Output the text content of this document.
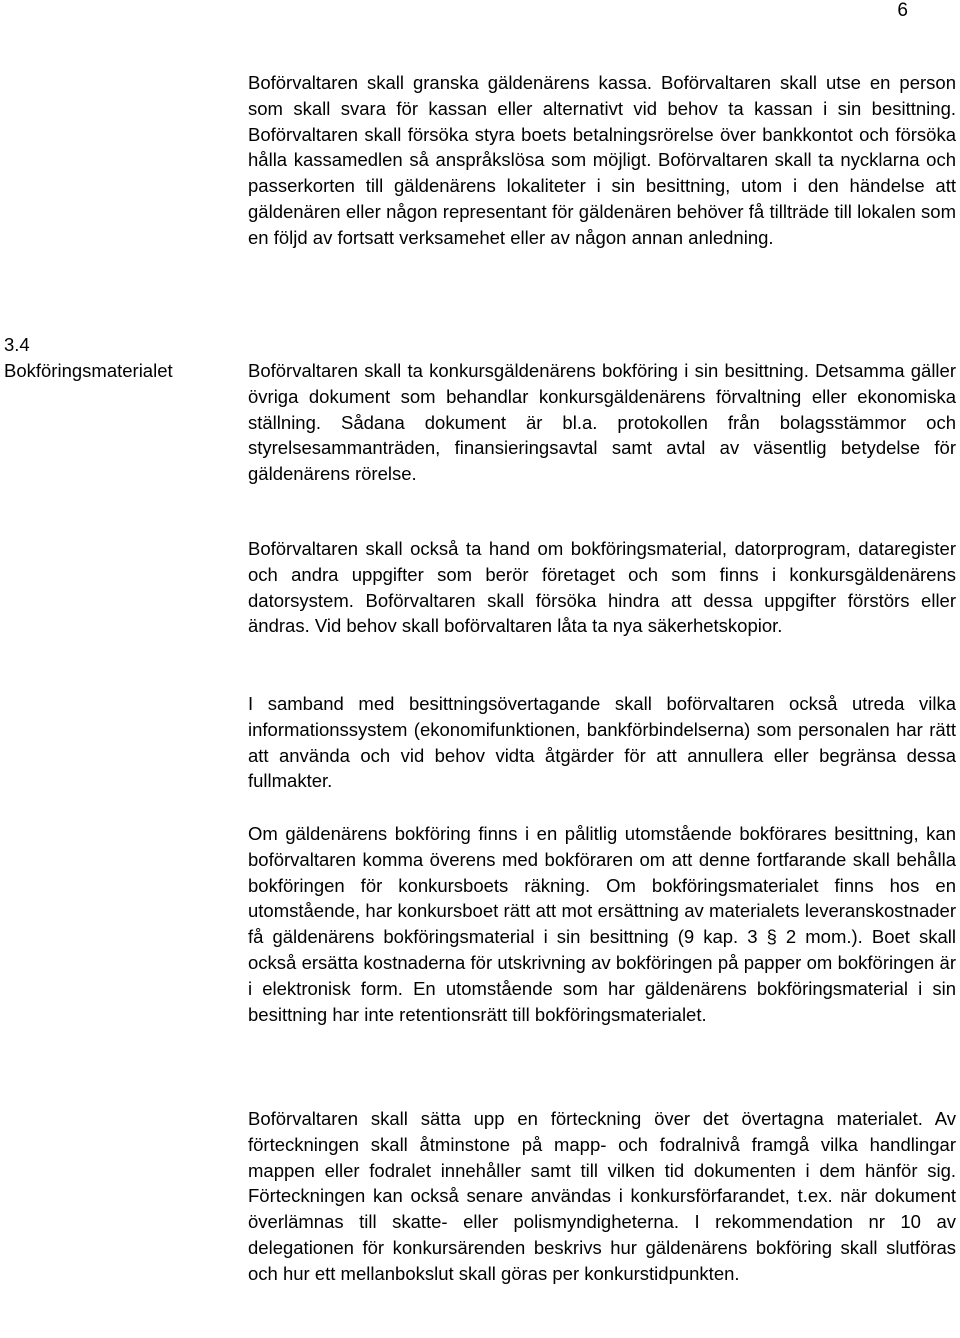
6
3.4
Bokföringsmaterialet

Boförvaltaren skall granska gäldenärens kassa. Boförvaltaren skall utse en person som skall svara för kassan eller alternativt vid behov ta kassan i sin besittning. Boförvaltaren skall försöka styra boets betalningsrörelse över bankkontot och försöka hålla kassamedlen så anspråkslösa som möjligt. Boförvaltaren skall ta nycklarna och passerkorten till gäldenärens lokaliteter i sin besittning, utom i den händelse att gäldenären eller någon representant för gäldenären behöver få tillträde till lokalen som en följd av fortsatt verksamehet eller av någon annan anledning.

Boförvaltaren skall ta konkursgäldenärens bokföring i sin besittning. Detsamma gäller övriga dokument som behandlar konkursgäldenärens förvaltning eller ekonomiska ställning. Sådana dokument är bl.a. protokollen från bolagsstämmor och styrelsesammanträden, finansieringsavtal samt avtal av väsentlig betydelse för gäldenärens rörelse.

Boförvaltaren skall också ta hand om bokföringsmaterial, datorprogram, dataregister och andra uppgifter som berör företaget och som finns i konkursgäldenärens datorsystem. Boförvaltaren skall försöka hindra att dessa uppgifter förstörs eller ändras. Vid behov skall boförvaltaren låta ta nya säkerhetskopior.

I samband med besittningsövertagande skall boförvaltaren också utreda vilka informationssystem (ekonomifunktionen, bankförbindelserna) som personalen har rätt att använda och vid behov vidta åtgärder för att annullera eller begränsa dessa fullmakter.

Om gäldenärens bokföring finns i en pålitlig utomstående bokförares besittning, kan boförvaltaren komma överens med bokföraren om att denne fortfarande skall behålla bokföringen för konkursboets räkning. Om bokföringsmaterialet finns hos en utomstående, har konkursboet rätt att mot ersättning av materialets leveranskostnader få gäldenärens bokföringsmaterial i sin besittning (9 kap. 3 § 2 mom.). Boet skall också ersätta kostnaderna för utskrivning av bokföringen på papper om bokföringen är i elektronisk form. En utomstående som har gäldenärens bokföringsmaterial i sin besittning har inte retentionsrätt till bokföringsmaterialet.

Boförvaltaren skall sätta upp en förteckning över det övertagna materialet. Av förteckningen skall åtminstone på mapp- och fodralnivå framgå vilka handlingar mappen eller fodralet innehåller samt till vilken tid dokumenten i dem hänför sig. Förteckningen kan också senare användas i konkursförfarandet, t.ex. när dokument överlämnas till skatte- eller polismyndigheterna. I rekommendation nr 10 av delegationen för konkursärenden beskrivs hur gäldenärens bokföring skall slutföras och hur ett mellanbokslut skall göras per konkurstidpunkten.
